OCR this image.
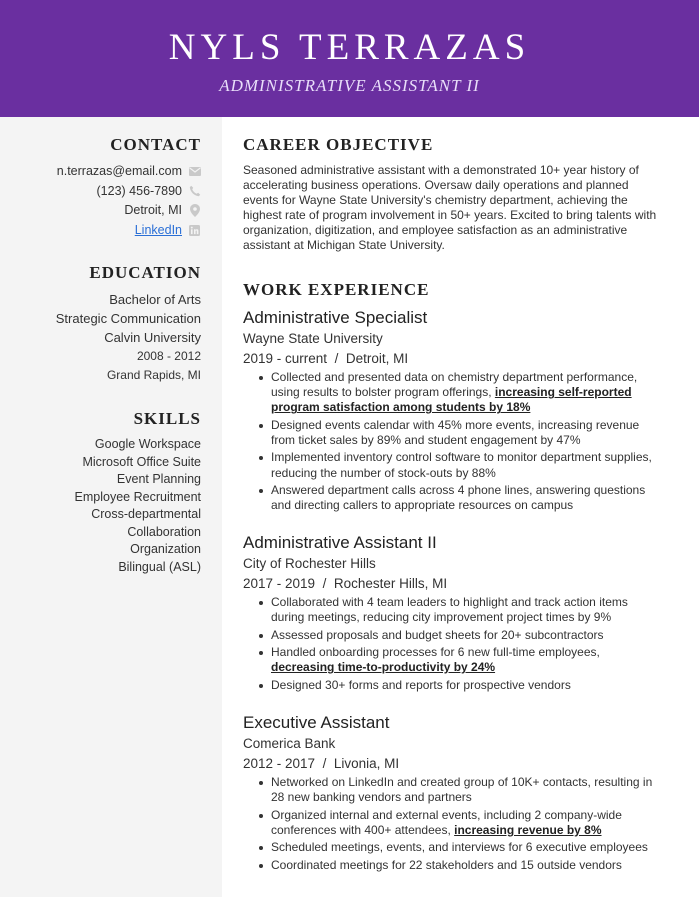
NYLS TERRAZAS
ADMINISTRATIVE ASSISTANT II
CONTACT
n.terrazas@email.com
(123) 456-7890
Detroit, MI
LinkedIn
EDUCATION
Bachelor of Arts
Strategic Communication
Calvin University
2008 - 2012
Grand Rapids, MI
SKILLS
Google Workspace
Microsoft Office Suite
Event Planning
Employee Recruitment
Cross-departmental
Collaboration
Organization
Bilingual (ASL)
CAREER OBJECTIVE
Seasoned administrative assistant with a demonstrated 10+ year history of accelerating business operations. Oversaw daily operations and planned events for Wayne State University's chemistry department, achieving the highest rate of program involvement in 50+ years. Excited to bring talents with organization, digitization, and employee satisfaction as an administrative assistant at Michigan State University.
WORK EXPERIENCE
Administrative Specialist
Wayne State University
2019 - current / Detroit, MI
Collected and presented data on chemistry department performance, using results to bolster program offerings, increasing self-reported program satisfaction among students by 18%
Designed events calendar with 45% more events, increasing revenue from ticket sales by 89% and student engagement by 47%
Implemented inventory control software to monitor department supplies, reducing the number of stock-outs by 88%
Answered department calls across 4 phone lines, answering questions and directing callers to appropriate resources on campus
Administrative Assistant II
City of Rochester Hills
2017 - 2019 / Rochester Hills, MI
Collaborated with 4 team leaders to highlight and track action items during meetings, reducing city improvement project times by 9%
Assessed proposals and budget sheets for 20+ subcontractors
Handled onboarding processes for 6 new full-time employees, decreasing time-to-productivity by 24%
Designed 30+ forms and reports for prospective vendors
Executive Assistant
Comerica Bank
2012 - 2017 / Livonia, MI
Networked on LinkedIn and created group of 10K+ contacts, resulting in 28 new banking vendors and partners
Organized internal and external events, including 2 company-wide conferences with 400+ attendees, increasing revenue by 8%
Scheduled meetings, events, and interviews for 6 executive employees
Coordinated meetings for 22 stakeholders and 15 outside vendors
